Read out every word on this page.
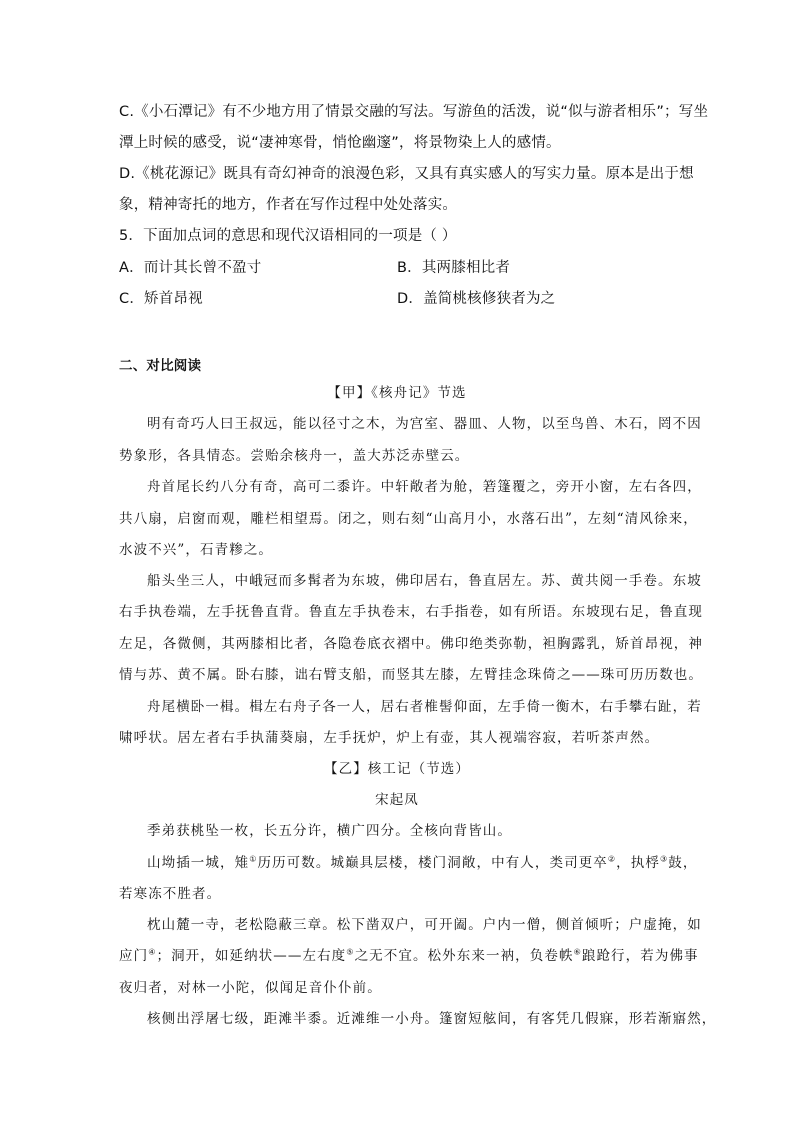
C.《小石潭记》有不少地方用了情景交融的写法。写游鱼的活泼，说“似与游者相乐”；写坐
潭上时候的感受，说“凄神寒骨，悄怆幽邃”，将景物染上人的感情。
D.《桃花源记》既具有奇幻神奇的浪漫色彩，又具有真实感人的写实力量。原本是出于想
象，精神寄托的地方，作者在写作过程中处处落实。
5．下面加点词的意思和现代汉语相同的一项是（ ）
A．而计其长曾不盈寸	B．其两膝相比者
C．矫首昂视	D．盖简桃核修狭者为之
二、对比阅读
【甲】《核舟记》节选
明有奇巧人曰王叔远，能以径寸之木，为宫室、器皿、人物，以至鸟兽、木石，罔不因
势象形，各具情态。尝贻余核舟一，盖大苏泛赤壁云。
舟首尾长约八分有奇，高可二黍许。中轩敞者为舱，箬篷覆之，旁开小窗，左右各四，
共八扇，启窗而观，雕栏相望焉。闭之，则右刻“山高月小，水落石出”，左刻“清风徐来，
水波不兴”，石青糁之。
船头坐三人，中峨冠而多髯者为东坡，佛印居右，鲁直居左。苏、黄共阅一手卷。东坡
右手执卷端，左手抚鲁直背。鲁直左手执卷末，右手指卷，如有所语。东坡现右足，鲁直现
左足，各微侧，其两膝相比者，各隐卷底衣褶中。佛印绝类弥勒，袒胸露乳，矫首昂视，神
情与苏、黄不属。卧右膝，诎右臂支船，而竖其左膝，左臂挂念珠倚之——珠可历历数也。
舟尾横卧一楫。楫左右舟子各一人，居右者椎髻仰面，左手倚一衡木，右手攀右趾，若
啸呼状。居左者右手执蒲葵扇，左手抚炉，炉上有壶，其人视端容寂，若听茶声然。
【乙】核工记（节选）
宋起凤
季弟获桃坠一枚，长五分许，横广四分。全核向背皆山。
山坳插一城，雉①历历可数。城巅具层楼，楼门洞敞，中有人，类司更卒②，执桴③鼓，
若寒冻不胜者。
枕山麓一寺，老松隐蔽三章。松下凿双户，可开阖。户内一僧，侧首倾听；户虚掩，如
应门④；洞开，如延纳状——左右度⑤之无不宜。松外东来一衲，负卷帙⑥踉跄行，若为佛事
夜归者，对林一小陀，似闻足音仆仆前。
核侧出浮屠七级，距滩半黍。近滩维一小舟。篷窗短舷间，有客凭几假寐，形若渐寤然，
